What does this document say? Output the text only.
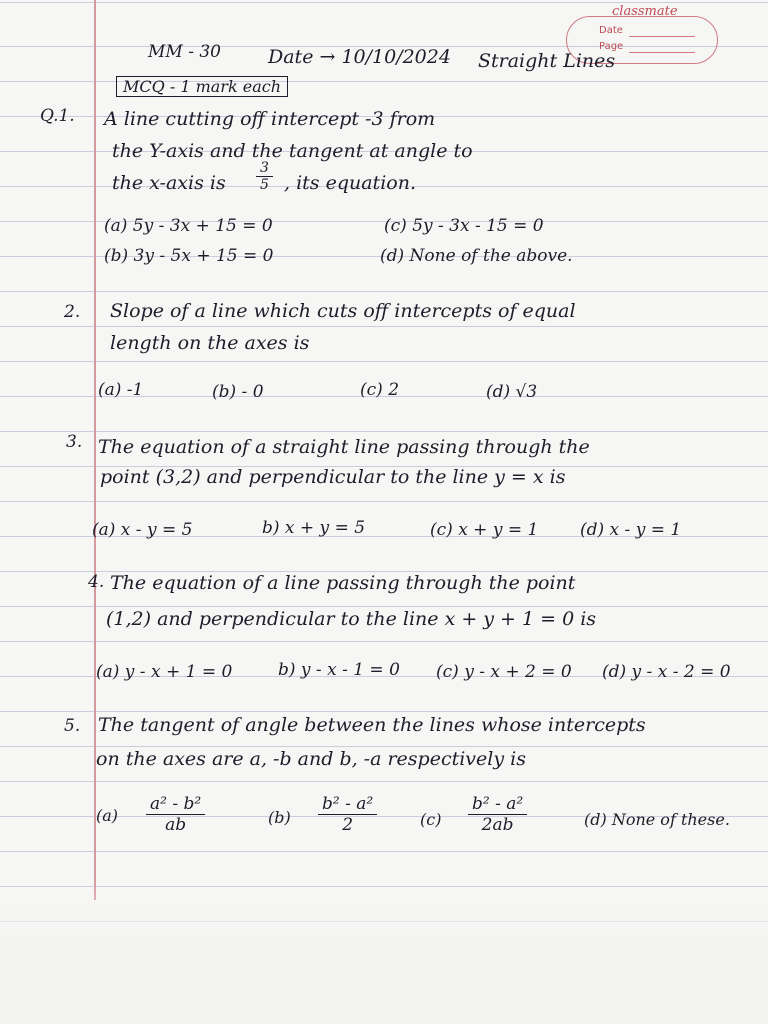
classmate
Date
Page
MM - 30 Date → 10/10/2024 Straight Lines
MCQ - 1 mark each
Q.1. A line cutting off intercept -3 from
the Y-axis and the tangent at angle to
the x-axis is $\frac{3}{5}$ , its equation.
(a) 5y - 3x + 15 = 0	(c) 5y - 3x - 15 = 0
(b) 3y - 5x + 15 = 0	(d) None of the above.
2. Slope of a line which cuts off intercepts of equal
length on the axes is
(a) -1	(b) - 0	(c) 2	(d) √3
3. The equation of a straight line passing through the
point (3,2) and perpendicular to the line y = x is
(a) x - y = 5	b) x + y = 5	(c) x + y = 1 (d) x - y = 1
4. The equation of a line passing through the point
(1,2) and perpendicular to the line x + y + 1 = 0 is
(a) y - x + 1 = 0	b) y - x - 1 = 0 (c) y - x + 2 = 0 (d) y - x - 2 = 0
5. The tangent of angle between the lines whose intercepts
on the axes are a, -b and b, -a respectively is
$(a) \frac{\text{a² - b²}}{ab}$	$(b) \frac{\text{b² - a²}}{2}$	$(c) \frac{\text{b² - a²}}{2ab}$	(d) None of these.
